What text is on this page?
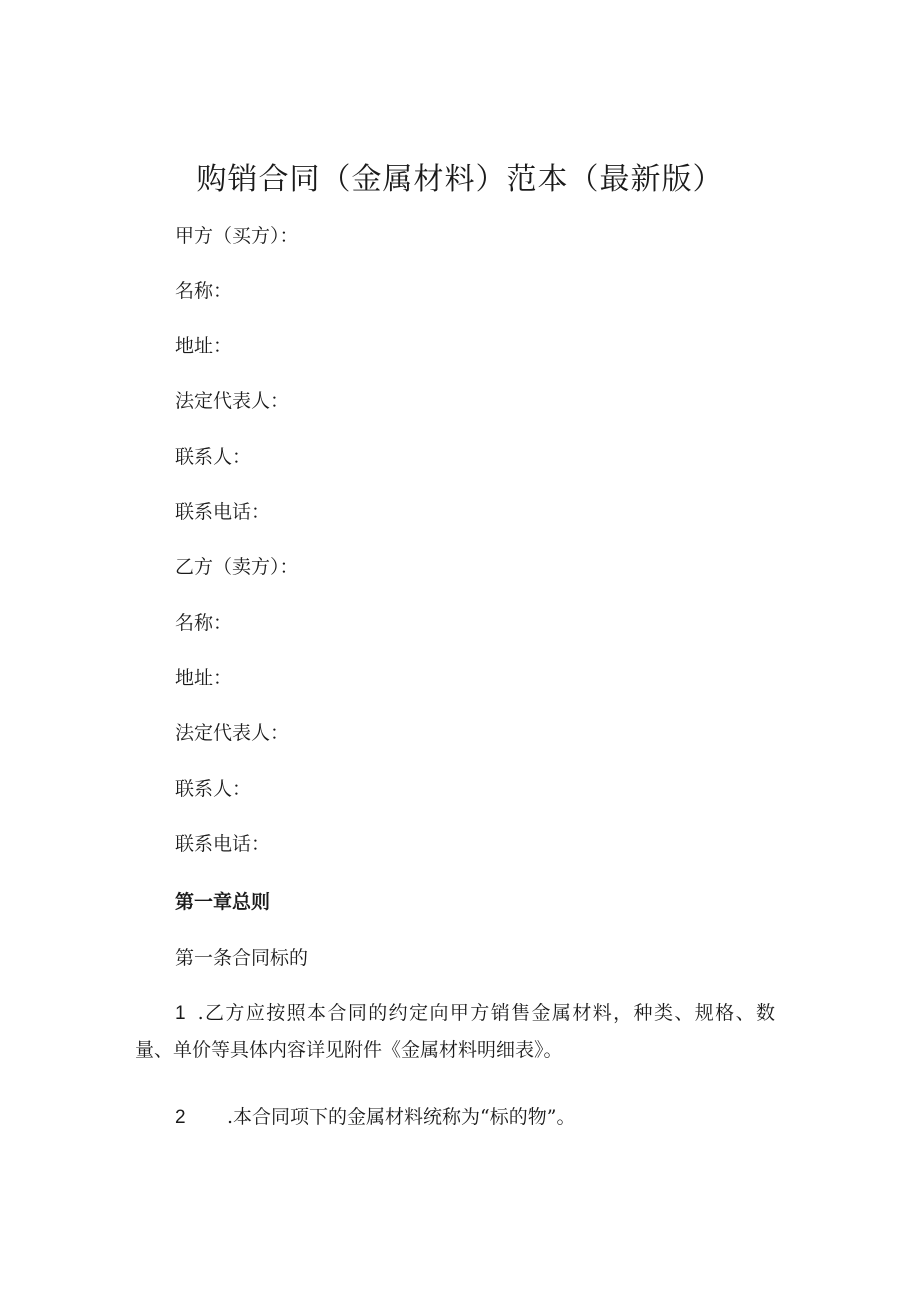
购销合同（金属材料）范本（最新版）
甲方（买方）：
名称：
地址：
法定代表人：
联系人：
联系电话：
乙方（卖方）：
名称：
地址：
法定代表人：
联系人：
联系电话：
第一章总则
第一条合同标的
1 .乙方应按照本合同的约定向甲方销售金属材料，种类、规格、数
量、单价等具体内容详见附件《金属材料明细表》。
2 .本合同项下的金属材料统称为“标的物”。
